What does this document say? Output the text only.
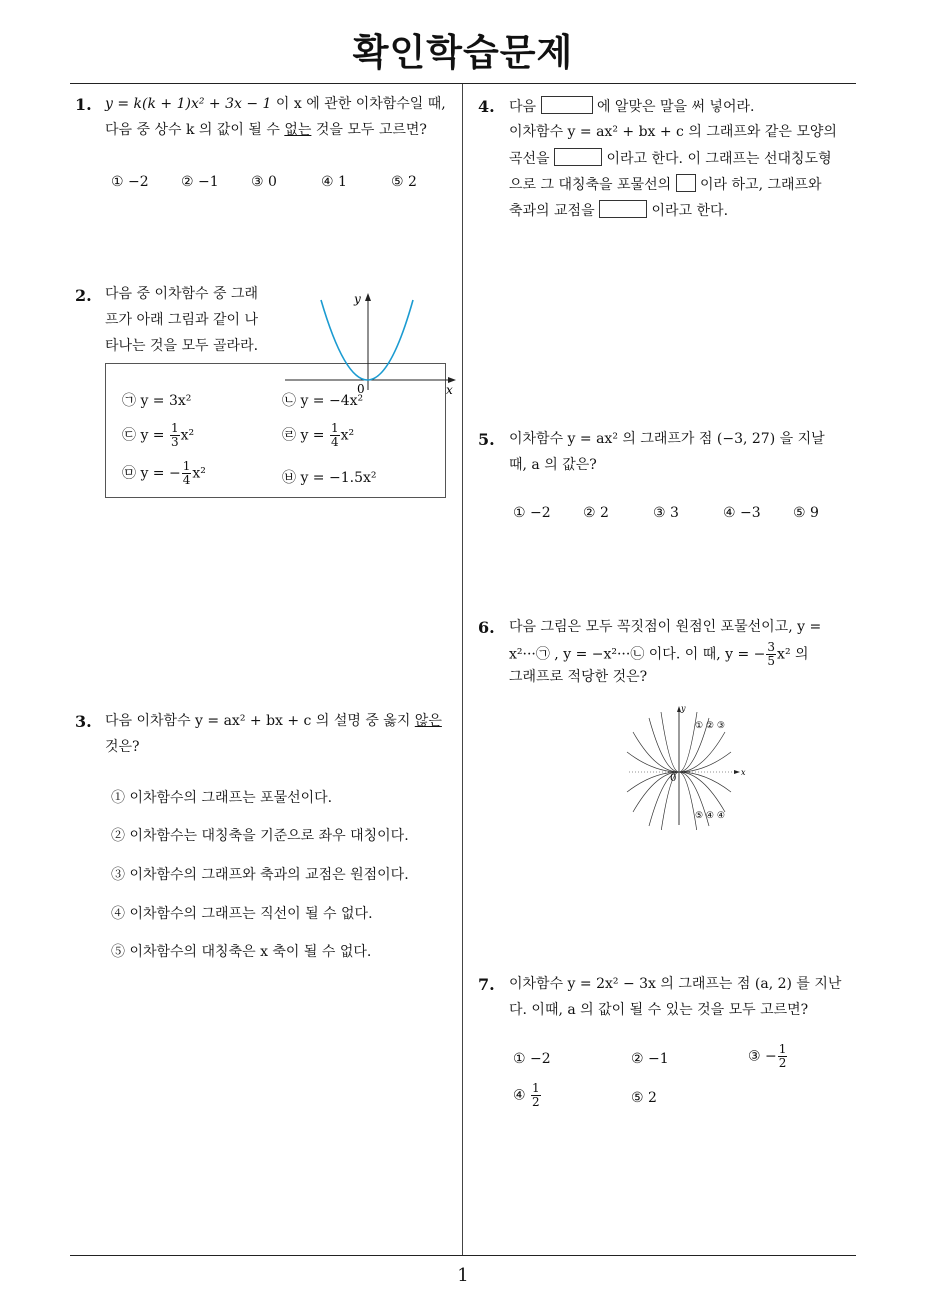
확인학습문제
1
1. y = k(k + 1)x² + 3x − 1 이 x 에 관한 이차함수일 때,
다음 중 상수 k 의 값이 될 수 없는 것을 모두 고르면?
① −2 ② −1 ③ 0	④ 1	⑤ 2
2. 다음 중 이차함수 중 그래
프가 아래 그림과 같이 나
타나는 것을 모두 골라라.
y
x
0
㉠ y = 3x²	㉡ y = −4x²
㉢ $y = \frac{1}{3} x^2$	㉣ $y = \frac{1}{4} x^2$
㉤ y = − $\frac{1}{4} x^2$	㉥ y = −1.5x²
3. 다음 이차함수 y = ax² + bx + c 의 설명 중 옳지 않은
것은?
① 이차함수의 그래프는 포물선이다.
② 이차함수는 대칭축을 기준으로 좌우 대칭이다.
③ 이차함수의 그래프와 축과의 교점은 원점이다.
④ 이차함수의 그래프는 직선이 될 수 없다.
⑤ 이차함수의 대칭축은 x 축이 될 수 없다.
4. 다음	에 알맞은 말을 써 넣어라.
이차함수 y = ax² + bx + c 의 그래프와 같은 모양의
곡선을	이라고 한다. 이 그래프는 선대칭도형
으로 그 대칭축을 포물선의  이라 하고, 그래프와
축과의 교점을	이라고 한다.
5. 이차함수 y = ax² 의 그래프가 점 (−3, 27) 을 지날
때, a 의 값은?
① −2 ② 2	③ 3	④ −3 ⑤ 9
6. 다음 그림은 모두 꼭짓점이 원점인 포물선이고, y =
x²···㉠ , y = −x²···㉡ 이다. 이 때, y = − $\frac{3}{5} x^2$ 의
그래프로 적당한 것은?
y
x
0
① ② ③
⑤ ④ ④
7. 이차함수 y = 2x² − 3x 의 그래프는 점 (a, 2) 를 지난
다. 이때, a 의 값이 될 수 있는 것을 모두 고르면?
① −2	② −1	③ − $\frac{1}{2}$
④ $\frac{1}{2}$	⑤ 2
